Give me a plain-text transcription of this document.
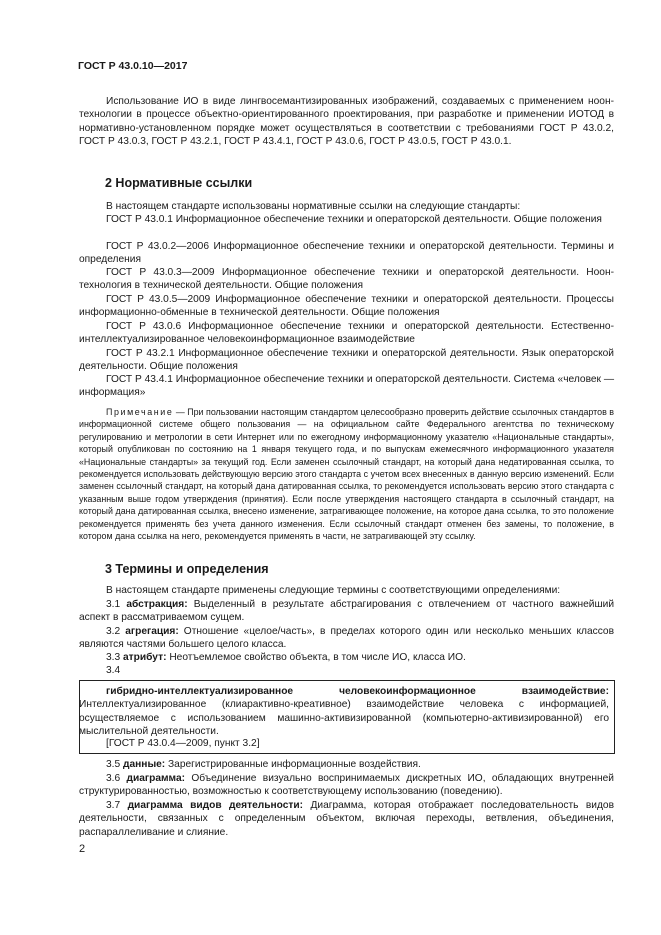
ГОСТ Р 43.0.10—2017

Использование ИО в виде лингвосемантизированных изображений, создаваемых с применением ноон-технологии в процессе объектно-ориентированного проектирования, при разработке и применении ИОТОД в нормативно-установленном порядке может осуществляться в соответствии с требованиями ГОСТ Р 43.0.2, ГОСТ Р 43.0.3, ГОСТ Р 43.2.1, ГОСТ Р 43.4.1, ГОСТ Р 43.0.6, ГОСТ Р 43.0.5, ГОСТ Р 43.0.1.

2 Нормативные ссылки

В настоящем стандарте использованы нормативные ссылки на следующие стандарты:

ГОСТ Р 43.0.1 Информационное обеспечение техники и операторской деятельности. Общие положения

ГОСТ Р 43.0.2—2006 Информационное обеспечение техники и операторской деятельности. Термины и определения

ГОСТ Р 43.0.3—2009 Информационное обеспечение техники и операторской деятельности. Ноон-технология в технической деятельности. Общие положения

ГОСТ Р 43.0.5—2009 Информационное обеспечение техники и операторской деятельности. Процессы информационно-обменные в технической деятельности. Общие положения

ГОСТ Р 43.0.6 Информационное обеспечение техники и операторской деятельности. Естественно-интеллектуализированное человекоинформационное взаимодействие

ГОСТ Р 43.2.1 Информационное обеспечение техники и операторской деятельности. Язык операторской деятельности. Общие положения

ГОСТ Р 43.4.1 Информационное обеспечение техники и операторской деятельности. Система «человек — информация»

Примечание — При пользовании настоящим стандартом целесообразно проверить действие ссылочных стандартов в информационной системе общего пользования — на официальном сайте Федерального агентства по техническому регулированию и метрологии в сети Интернет или по ежегодному информационному указателю «Национальные стандарты», который опубликован по состоянию на 1 января текущего года, и по выпускам ежемесячного информационного указателя «Национальные стандарты» за текущий год. Если заменен ссылочный стандарт, на который дана недатированная ссылка, то рекомендуется использовать действующую версию этого стандарта с учетом всех внесенных в данную версию изменений. Если заменен ссылочный стандарт, на который дана датированная ссылка, то рекомендуется использовать версию этого стандарта с указанным выше годом утверждения (принятия). Если после утверждения настоящего стандарта в ссылочный стандарт, на который дана датированная ссылка, внесено изменение, затрагивающее положение, на которое дана ссылка, то это положение рекомендуется применять без учета данного изменения. Если ссылочный стандарт отменен без замены, то положение, в котором дана ссылка на него, рекомендуется применять в части, не затрагивающей эту ссылку.

3 Термины и определения

В настоящем стандарте применены следующие термины с соответствующими определениями:

3.1 абстракция: Выделенный в результате абстрагирования с отвлечением от частного важнейший аспект в рассматриваемом сущем.

3.2 агрегация: Отношение «целое/часть», в пределах которого один или несколько меньших классов являются частями большего целого класса.

3.3 атрибут: Неотъемлемое свойство объекта, в том числе ИО, класса ИО.

3.4

гибридно-интеллектуализированное человекоинформационное взаимодействие: Интеллектуализированное (клиарактивно-креативное) взаимодействие человека с информацией, осуществляемое с использованием машинно-активизированной (компьютерно-активизированной) его мыслительной деятельности.

[ГОСТ Р 43.0.4—2009, пункт 3.2]

3.5 данные: Зарегистрированные информационные воздействия.

3.6 диаграмма: Объединение визуально воспринимаемых дискретных ИО, обладающих внутренней структурированностью, возможностью к соответствующему использованию (поведению).

3.7 диаграмма видов деятельности: Диаграмма, которая отображает последовательность видов деятельности, связанных с определенным объектом, включая переходы, ветвления, объединения, распараллеливание и слияние.

2
